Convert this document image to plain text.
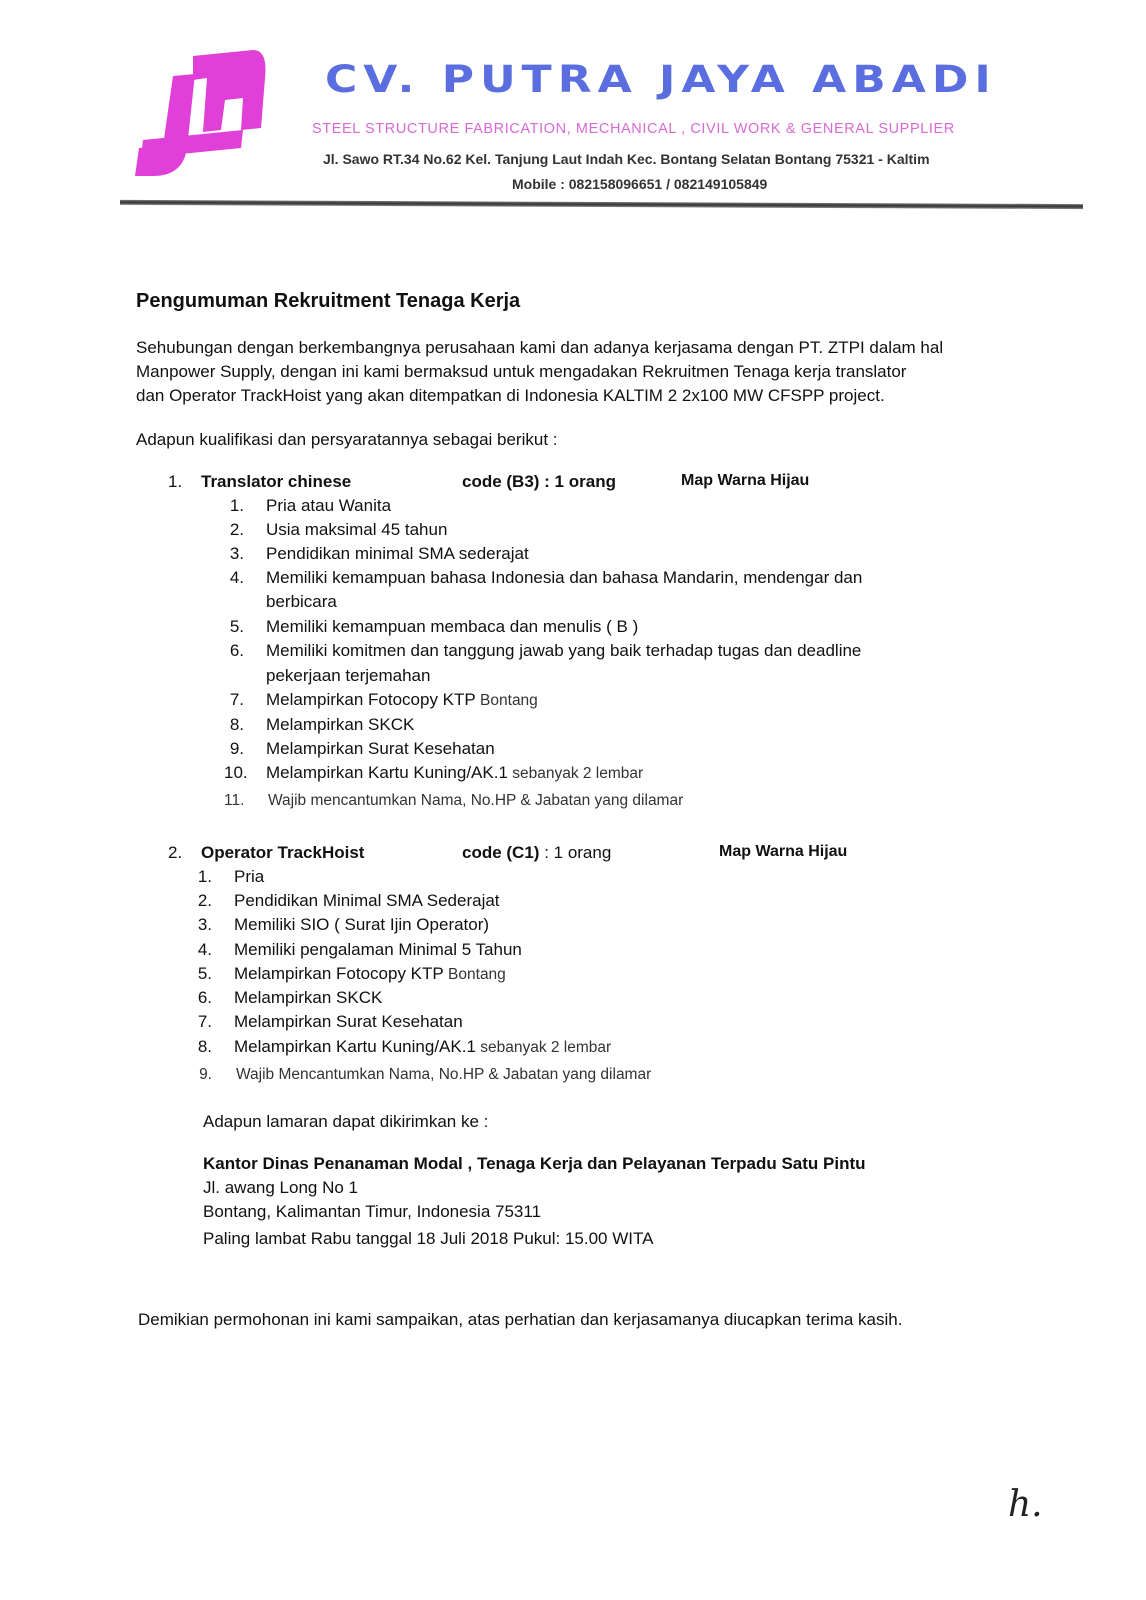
CV. PUTRA JAYA ABADI
STEEL STRUCTURE FABRICATION, MECHANICAL , CIVIL WORK & GENERAL SUPPLIER
Jl. Sawo RT.34 No.62 Kel. Tanjung Laut Indah Kec. Bontang Selatan Bontang 75321 - Kaltim
Mobile : 082158096651 / 082149105849
Pengumuman Rekruitment Tenaga Kerja
Sehubungan dengan berkembangnya perusahaan kami dan adanya kerjasama dengan PT. ZTPI dalam hal
Manpower Supply, dengan ini kami bermaksud untuk mengadakan Rekruitmen Tenaga kerja translator
dan Operator TrackHoist yang akan ditempatkan di Indonesia KALTIM 2 2x100 MW CFSPP project.
Adapun kualifikasi dan persyaratannya sebagai berikut :
1. Translator chinese	code (B3) : 1 orang	Map Warna Hijau
1. Pria atau Wanita
2. Usia maksimal 45 tahun
3. Pendidikan minimal SMA sederajat
4. Memiliki kemampuan bahasa Indonesia dan bahasa Mandarin, mendengar dan
berbicara
5. Memiliki kemampuan membaca dan menulis ( B )
6. Memiliki komitmen dan tanggung jawab yang baik terhadap tugas dan deadline
pekerjaan terjemahan
7. Melampirkan Fotocopy KTP Bontang
8. Melampirkan SKCK
9. Melampirkan Surat Kesehatan
10. Melampirkan Kartu Kuning/AK.1 sebanyak 2 lembar
11. Wajib mencantumkan Nama, No.HP & Jabatan yang dilamar
2. Operator TrackHoist	code (C1) : 1 orang	Map Warna Hijau
1. Pria
2. Pendidikan Minimal SMA Sederajat
3. Memiliki SIO ( Surat Ijin Operator)
4. Memiliki pengalaman Minimal 5 Tahun
5. Melampirkan Fotocopy KTP Bontang
6. Melampirkan SKCK
7. Melampirkan Surat Kesehatan
8. Melampirkan Kartu Kuning/AK.1 sebanyak 2 lembar
9. Wajib Mencantumkan Nama, No.HP & Jabatan yang dilamar
Adapun lamaran dapat dikirimkan ke :
Kantor Dinas Penanaman Modal , Tenaga Kerja dan Pelayanan Terpadu Satu Pintu
Jl. awang Long No 1
Bontang, Kalimantan Timur, Indonesia 75311
Paling lambat Rabu tanggal 18 Juli 2018 Pukul: 15.00 WITA
Demikian permohonan ini kami sampaikan, atas perhatian dan kerjasamanya diucapkan terima kasih.
h.
